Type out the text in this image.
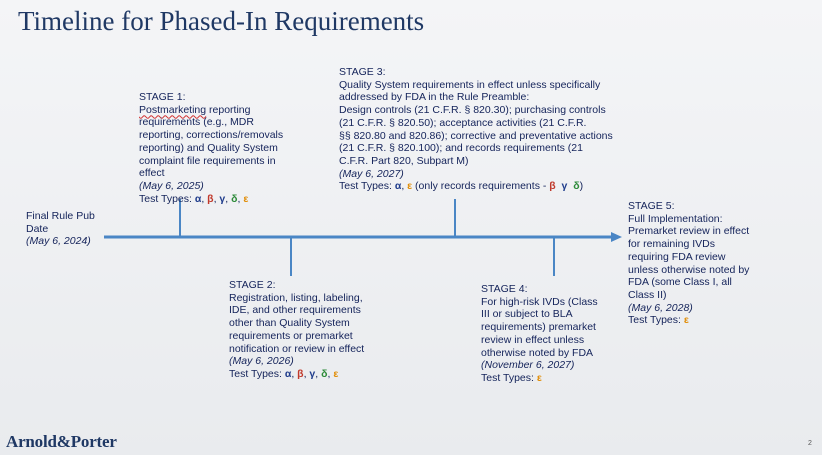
Timeline for Phased-In Requirements
Final Rule Pub
Date
(May 6, 2024)
STAGE 1:
Postmarketing reporting
requirements (e.g., MDR
reporting, corrections/removals
reporting) and Quality System
complaint file requirements in
effect
(May 6, 2025)
Test Types: α, β, γ, δ, ε
STAGE 2:
Registration, listing, labeling,
IDE, and other requirements
other than Quality System
requirements or premarket
notification or review in effect
(May 6, 2026)
Test Types: α, β, γ, δ, ε
STAGE 3:
Quality System requirements in effect unless specifically
addressed by FDA in the Rule Preamble:
Design controls (21 C.F.R. § 820.30); purchasing controls
(21 C.F.R. § 820.50); acceptance activities (21 C.F.R.
§§ 820.80 and 820.86); corrective and preventative actions
(21 C.F.R. § 820.100); and records requirements (21
C.F.R. Part 820, Subpart M)
(May 6, 2027)
Test Types: α, ε (only records requirements - β γ δ)
STAGE 4:
For high-risk IVDs (Class
III or subject to BLA
requirements) premarket
review in effect unless
otherwise noted by FDA
(November 6, 2027)
Test Types: ε
STAGE 5:
Full Implementation:
Premarket review in effect
for remaining IVDs
requiring FDA review
unless otherwise noted by
FDA (some Class I, all
Class II)
(May 6, 2028)
Test Types: ε
Arnold&Porter	2
